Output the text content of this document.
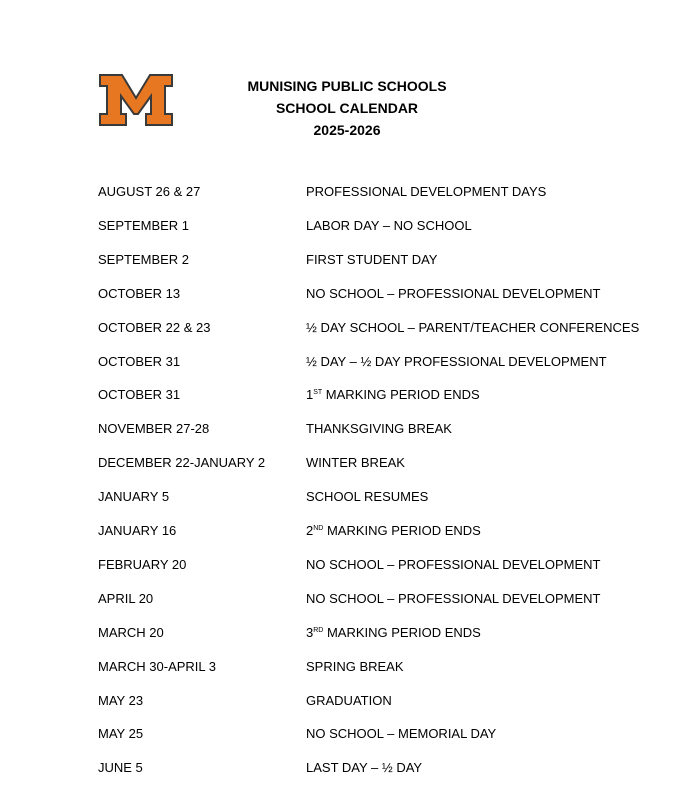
MUNISING PUBLIC SCHOOLS
SCHOOL CALENDAR
2025-2026
AUGUST 26 & 27	PROFESSIONAL DEVELOPMENT DAYS
SEPTEMBER 1	LABOR DAY – NO SCHOOL
SEPTEMBER 2	FIRST STUDENT DAY
OCTOBER 13	NO SCHOOL – PROFESSIONAL DEVELOPMENT
OCTOBER 22 & 23	½ DAY SCHOOL – PARENT/TEACHER CONFERENCES
OCTOBER 31	½ DAY – ½ DAY PROFESSIONAL DEVELOPMENT
OCTOBER 31	1ST MARKING PERIOD ENDS
NOVEMBER 27-28	THANKSGIVING BREAK
DECEMBER 22-JANUARY 2	WINTER BREAK
JANUARY 5	SCHOOL RESUMES
JANUARY 16	2ND MARKING PERIOD ENDS
FEBRUARY 20	NO SCHOOL – PROFESSIONAL DEVELOPMENT
APRIL 20	NO SCHOOL – PROFESSIONAL DEVELOPMENT
MARCH 20	3RD MARKING PERIOD ENDS
MARCH 30-APRIL 3	SPRING BREAK
MAY 23	GRADUATION
MAY 25	NO SCHOOL – MEMORIAL DAY
JUNE 5	LAST DAY – ½ DAY
